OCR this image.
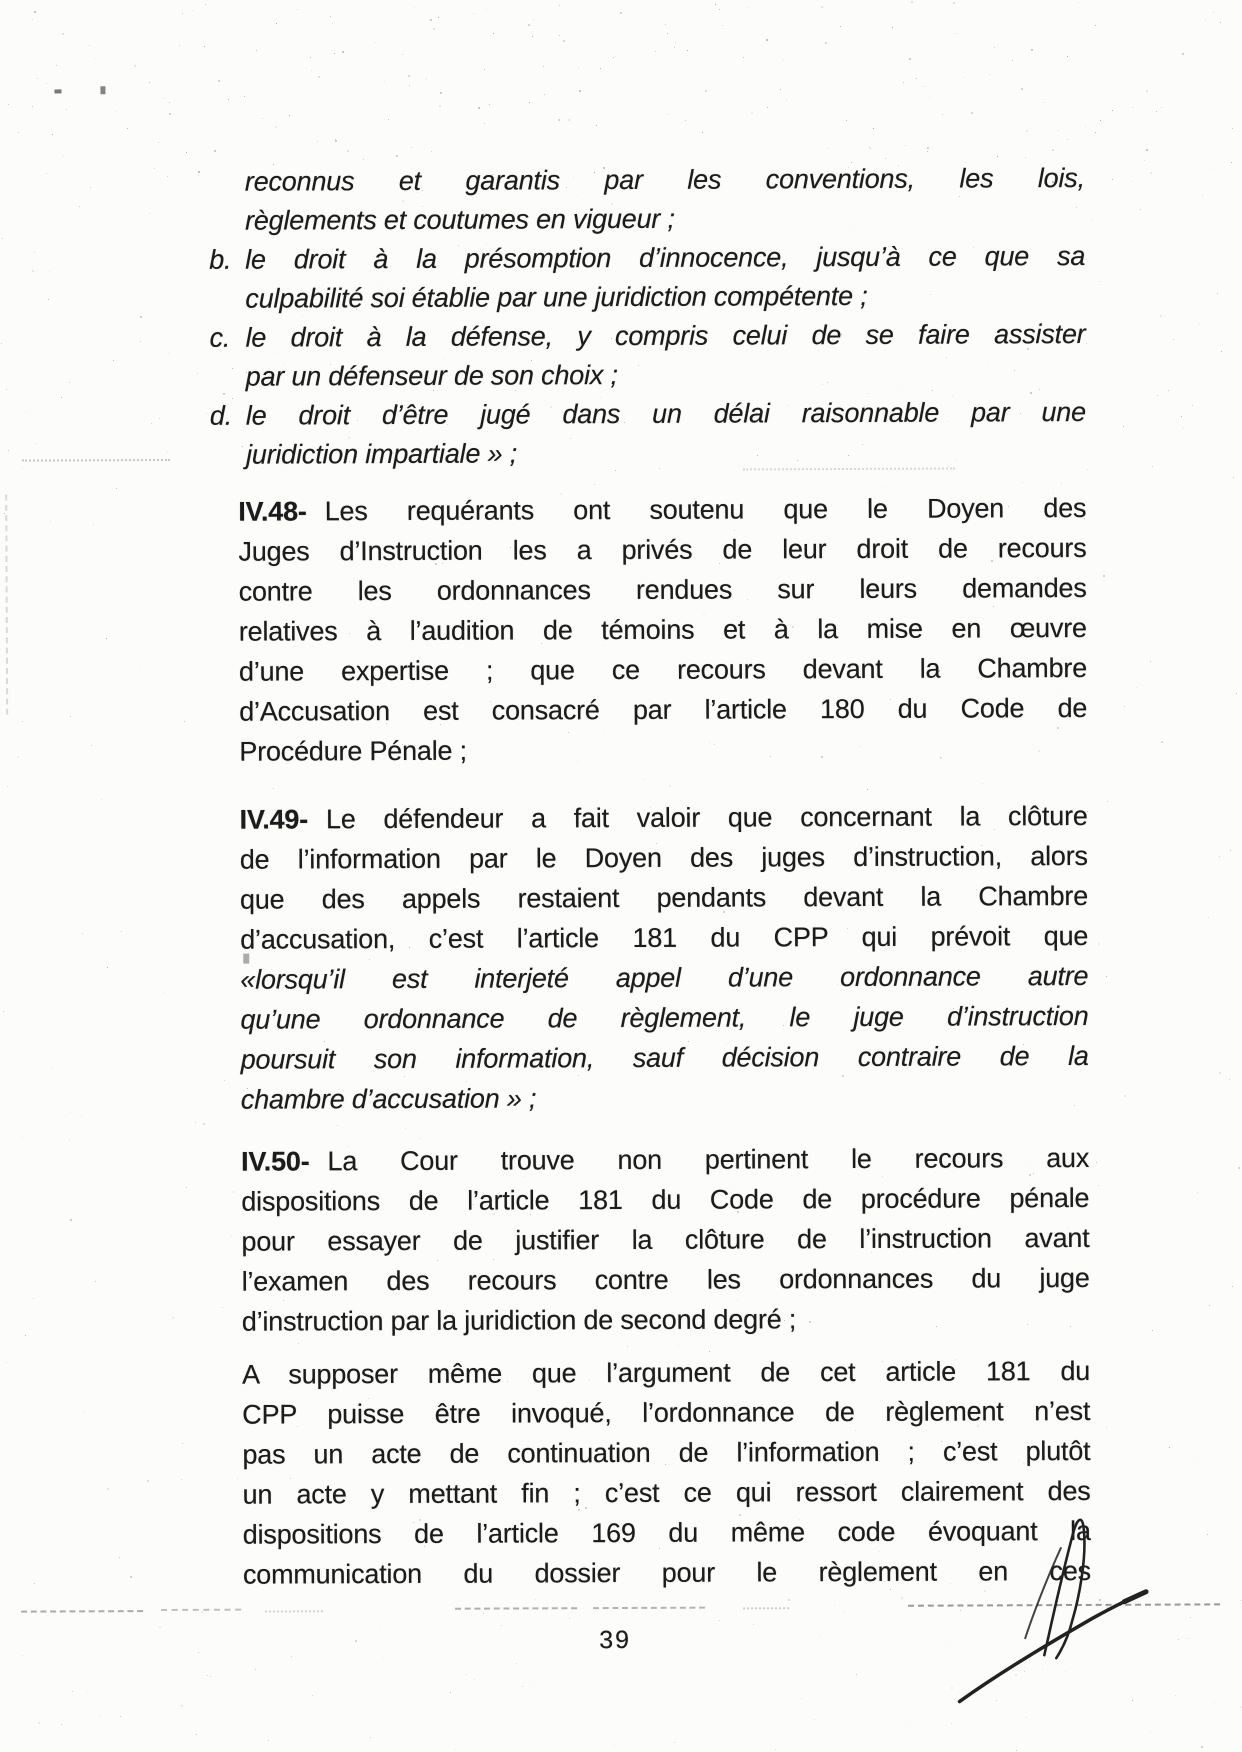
reconnus et garantis par les conventions, les lois,
règlements et coutumes en vigueur ;
b. le droit à la présomption d’innocence, jusqu’à ce que sa
culpabilité soi établie par une juridiction compétente ;
c. le droit à la défense, y compris celui de se faire assister
par un défenseur de son choix ;
d. le droit d’être jugé dans un délai raisonnable par une
juridiction impartiale » ;
IV.48- Les requérants ont soutenu que le Doyen des
Juges d’Instruction les a privés de leur droit de recours
contre les ordonnances rendues sur leurs demandes
relatives à l’audition de témoins et à la mise en œuvre
d’une expertise ; que ce recours devant la Chambre
d’Accusation est consacré par l’article 180 du Code de
Procédure Pénale ;
IV.49- Le défendeur a fait valoir que concernant la clôture
de l’information par le Doyen des juges d’instruction, alors
que des appels restaient pendants devant la Chambre
d’accusation, c’est l’article 181 du CPP qui prévoit que
«lorsqu’il est interjeté appel d’une ordonnance autre
qu’une ordonnance de règlement, le juge d’instruction
poursuit son information, sauf décision contraire de la
chambre d’accusation » ;
IV.50- La Cour trouve non pertinent le recours aux
dispositions de l’article 181 du Code de procédure pénale
pour essayer de justifier la clôture de l’instruction avant
l’examen des recours contre les ordonnances du juge
d’instruction par la juridiction de second degré ;
A supposer même que l’argument de cet article 181 du
CPP puisse être invoqué, l’ordonnance de règlement n’est
pas un acte de continuation de l’information ; c’est plutôt
un acte y mettant fin ; c’est ce qui ressort clairement des
dispositions de l’article 169 du même code évoquant la
communication du dossier pour le règlement en ces
39
